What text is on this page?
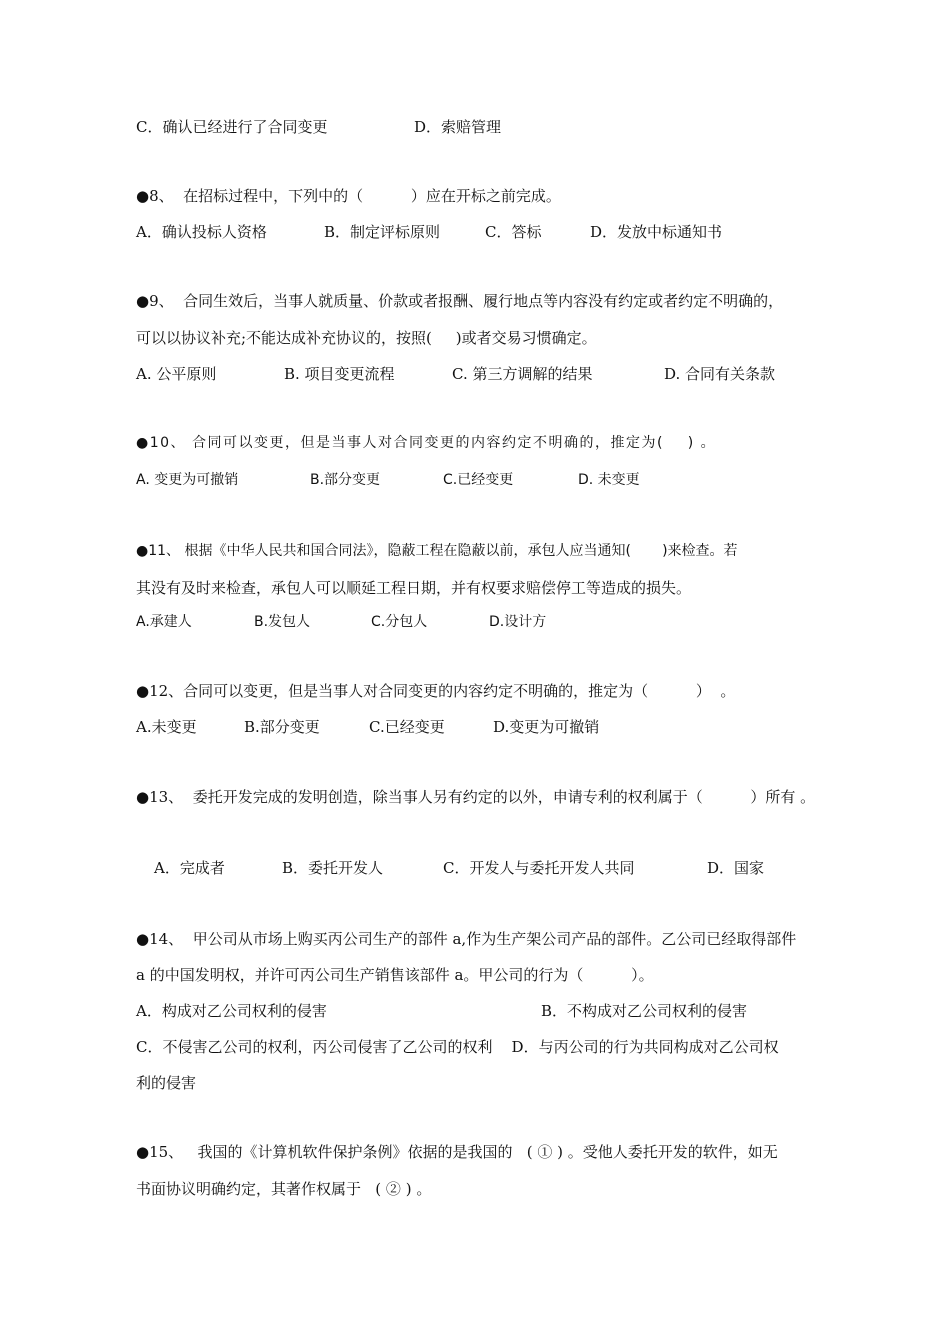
C．确认已经进行了合同变更	D．索赔管理
●8、  在招标过程中，下列中的（          ）应在开标之前完成。
A．确认投标人资格	B．制定评标原则	C．答标	D．发放中标通知书
●9、  合同生效后，当事人就质量、价款或者报酬、履行地点等内容没有约定或者约定不明确的，
可以以协议补充;不能达成补充协议的，按照(     )或者交易习惯确定。
A. 公平原则	B. 项目变更流程	C. 第三方调解的结果	D. 合同有关条款
●10、 合同可以变更，但是当事人对合同变更的内容约定不明确的，推定为(    ) 。
A. 变更为可撤销	B.部分变更	C.已经变更	D. 未变更
●11、 根据《中华人民共和国合同法》，隐蔽工程在隐蔽以前，承包人应当通知(       )来检查。若
其没有及时来检查，承包人可以顺延工程日期，并有权要求赔偿停工等造成的损失。
A.承建人	B.发包人	C.分包人	D.设计方
●12、合同可以变更，但是当事人对合同变更的内容约定不明确的，推定为（          ）  。
A.未变更	B.部分变更	C.已经变更	D.变更为可撤销
●13、  委托开发完成的发明创造，除当事人另有约定的以外，申请专利的权利属于（          ）所有 。
A．完成者	B．委托开发人	C．开发人与委托开发人共同	D．国家
●14、  甲公司从市场上购买丙公司生产的部件 a,作为生产架公司产品的部件。乙公司已经取得部件
a 的中国发明权，并许可丙公司生产销售该部件 a。甲公司的行为（          ）。
A．构成对乙公司权利的侵害	B．不构成对乙公司权利的侵害
C．不侵害乙公司的权利，丙公司侵害了乙公司的权利    D．与丙公司的行为共同构成对乙公司权
利的侵害
●15、   我国的《计算机软件保护条例》依据的是我国的   ( ① ) 。受他人委托开发的软件，如无
书面协议明确约定，其著作权属于   ( ② ) 。
